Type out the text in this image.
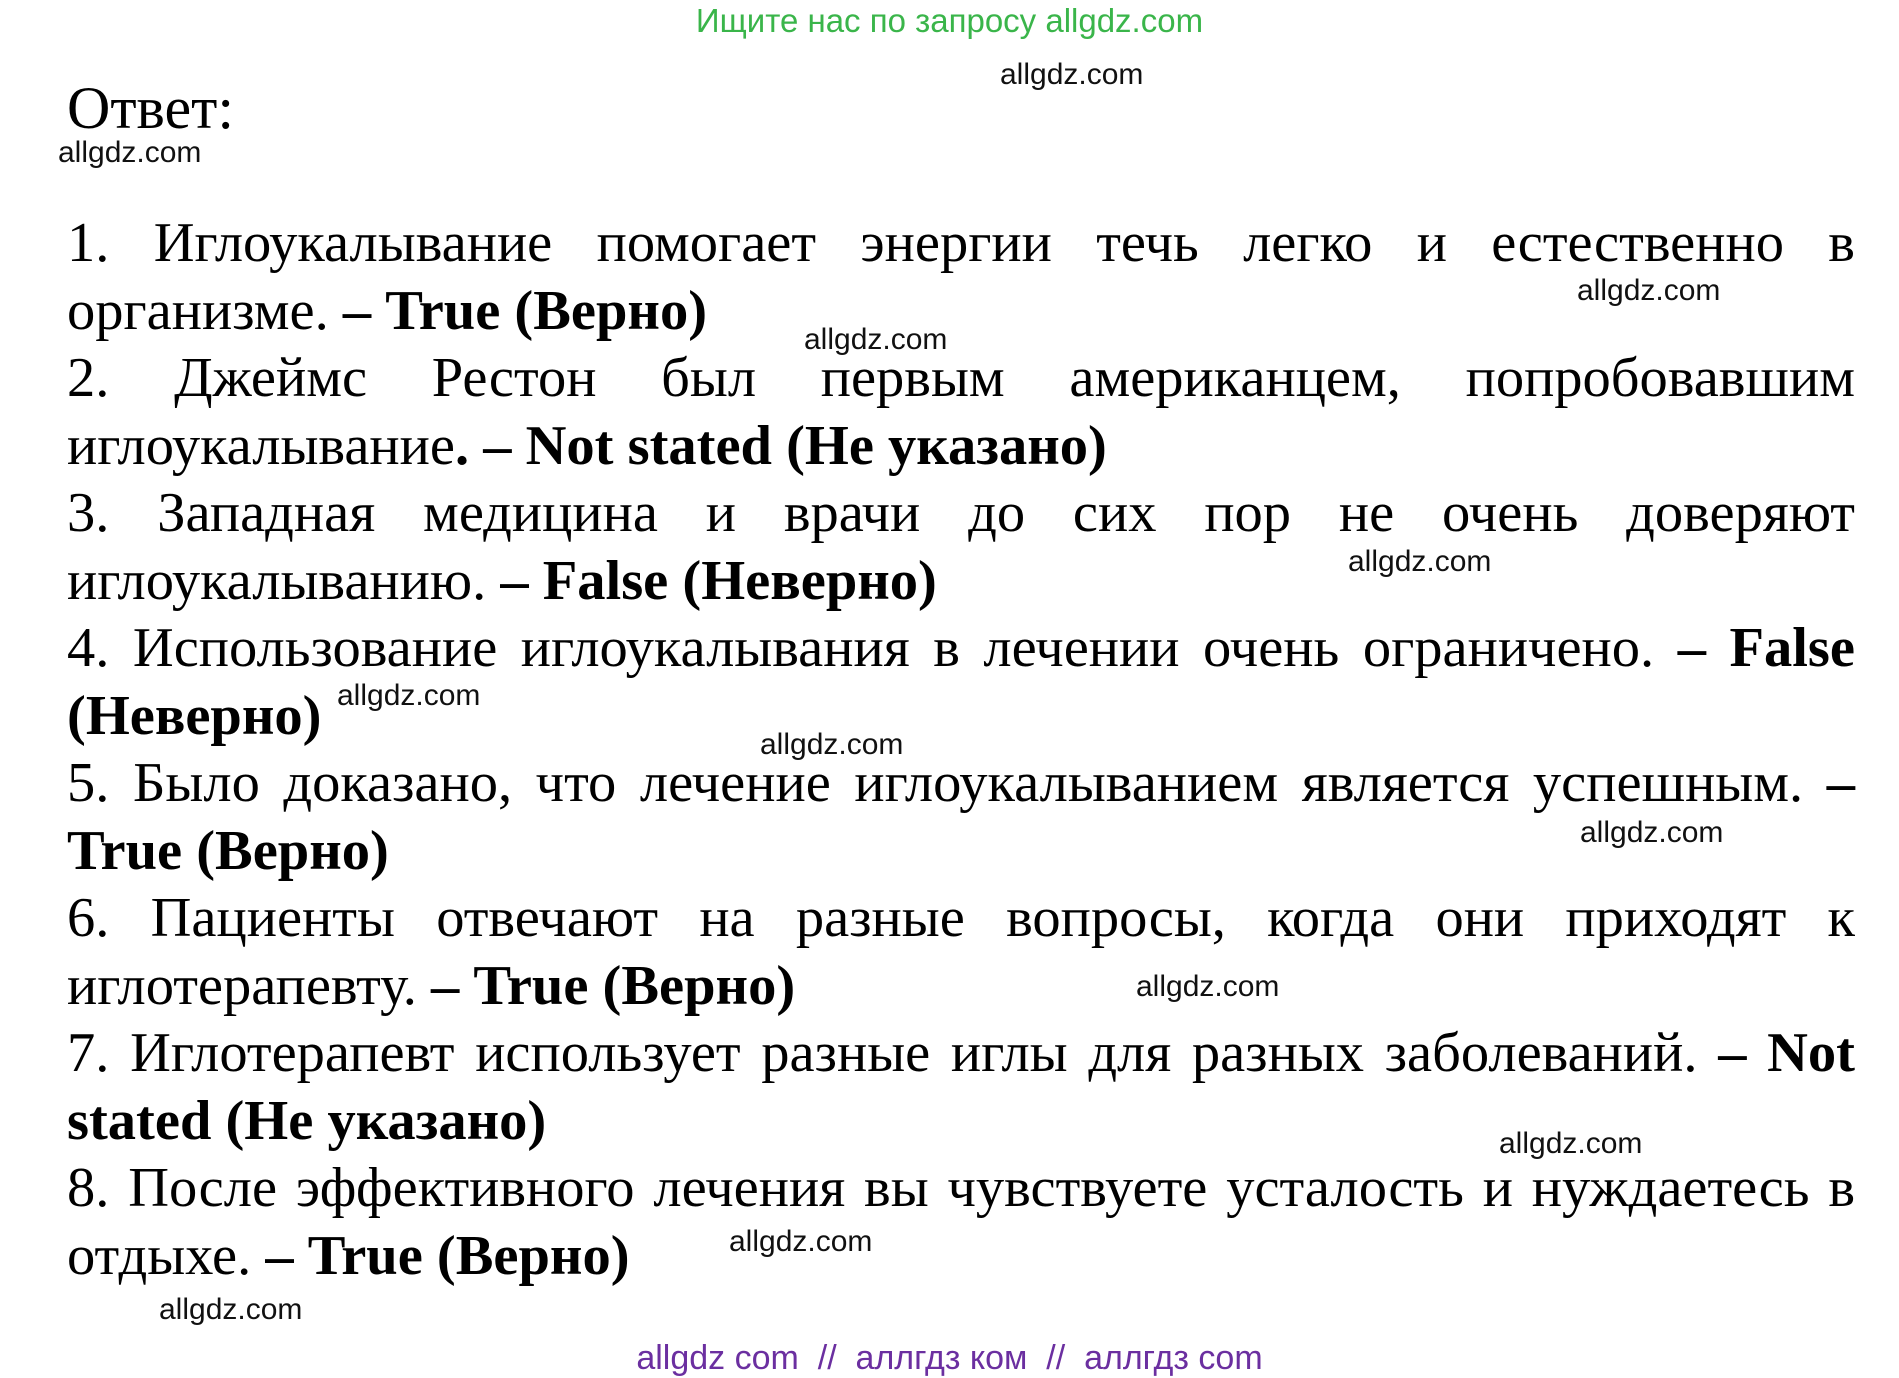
Ищите нас по запросу allgdz.com
Ответ:

1. Иглоукалывание помогает энергии течь легко и естественно в организме. – True (Верно)

2. Джеймс Рестон был первым американцем, попробовавшим иглоукалывание. – Not stated (Не указано)

3. Западная медицина и врачи до сих пор не очень доверяют иглоукалыванию. – False (Неверно)

4. Использование иглоукалывания в лечении очень ограничено. – False (Неверно)

5. Было доказано, что лечение иглоукалыванием является успешным. – True (Верно)

6. Пациенты отвечают на разные вопросы, когда они приходят к иглотерапевту. – True (Верно)

7. Иглотерапевт использует разные иглы для разных заболеваний. – Not stated (Не указано)

8. После эффективного лечения вы чувствуете усталость и нуждаетесь в отдыхе. – True (Верно)

allgdz.com
allgdz.com
allgdz.com
allgdz.com
allgdz.com
allgdz.com
allgdz.com
allgdz.com
allgdz.com
allgdz.com
allgdz.com
allgdz.com
allgdz com  //  аллгдз ком  //  аллгдз com
